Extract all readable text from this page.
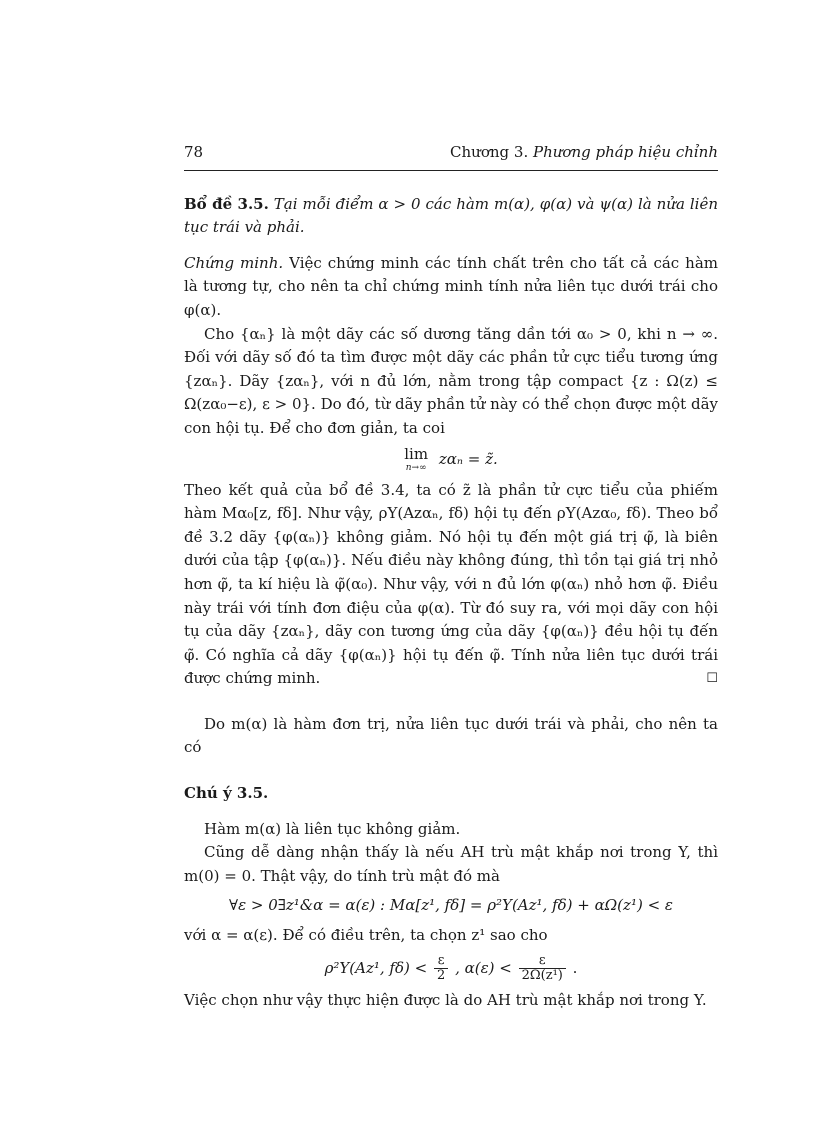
78	Chương 3. Phương pháp hiệu chỉnh

Bổ đề 3.5. Tại mỗi điểm α > 0 các hàm m(α), φ(α) và ψ(α) là nửa liên tục trái và phải.

Chứng minh. Việc chứng minh các tính chất trên cho tất cả các hàm là tương tự, cho nên ta chỉ chứng minh tính nửa liên tục dưới trái cho φ(α).

Cho {αₙ} là một dãy các số dương tăng dần tới α₀ > 0, khi n → ∞. Đối với dãy số đó ta tìm được một dãy các phần tử cực tiểu tương ứng {zαₙ}. Dãy {zαₙ}, với n đủ lớn, nằm trong tập compact {z : Ω(z) ≤ Ω(zα₀−ε), ε > 0}. Do đó, từ dãy phần tử này có thể chọn được một dãy con hội tụ. Để cho đơn giản, ta coi

lim
n→∞ zαₙ = z̃.

Theo kết quả của bổ đề 3.4, ta có z̃ là phần tử cực tiểu của phiếm hàm Mα₀[z, fδ]. Như vậy, ρY(Azαₙ, fδ) hội tụ đến ρY(Azα₀, fδ). Theo bổ đề 3.2 dãy {φ(αₙ)} không giảm. Nó hội tụ đến một giá trị φ̃, là biên dưới của tập {φ(αₙ)}. Nếu điều này không đúng, thì tồn tại giá trị nhỏ hơn φ̃, ta kí hiệu là φ̃(α₀). Như vậy, với n đủ lớn φ(αₙ) nhỏ hơn φ̃. Điều này trái với tính đơn điệu của φ(α). Từ đó suy ra, với mọi dãy con hội tụ của dãy {zαₙ}, dãy con tương ứng của dãy {φ(αₙ)} đều hội tụ đến φ̃. Có nghĩa cả dãy {φ(αₙ)} hội tụ đến φ̃. Tính nửa liên tục dưới trái được chứng minh.	☐

Do m(α) là hàm đơn trị, nửa liên tục dưới trái và phải, cho nên ta có

Chú ý 3.5.

Hàm m(α) là liên tục không giảm.

Cũng dễ dàng nhận thấy là nếu AH trù mật khắp nơi trong Y, thì m(0) = 0. Thật vậy, do tính trù mật đó mà

∀ε > 0∃z¹&α = α(ε) : Mα[z¹, fδ] = ρ²Y(Az¹, fδ) + αΩ(z¹) < ε

với α = α(ε). Để có điều trên, ta chọn z¹ sao cho

ρ²Y(Az¹, $f\delta) < \frac{\varepsilon}{2}$ , $\alpha(\varepsilon) < \frac{\varepsilon}{\text{2Ω(z¹)}}$ .

Việc chọn như vậy thực hiện được là do AH trù mật khắp nơi trong Y.
